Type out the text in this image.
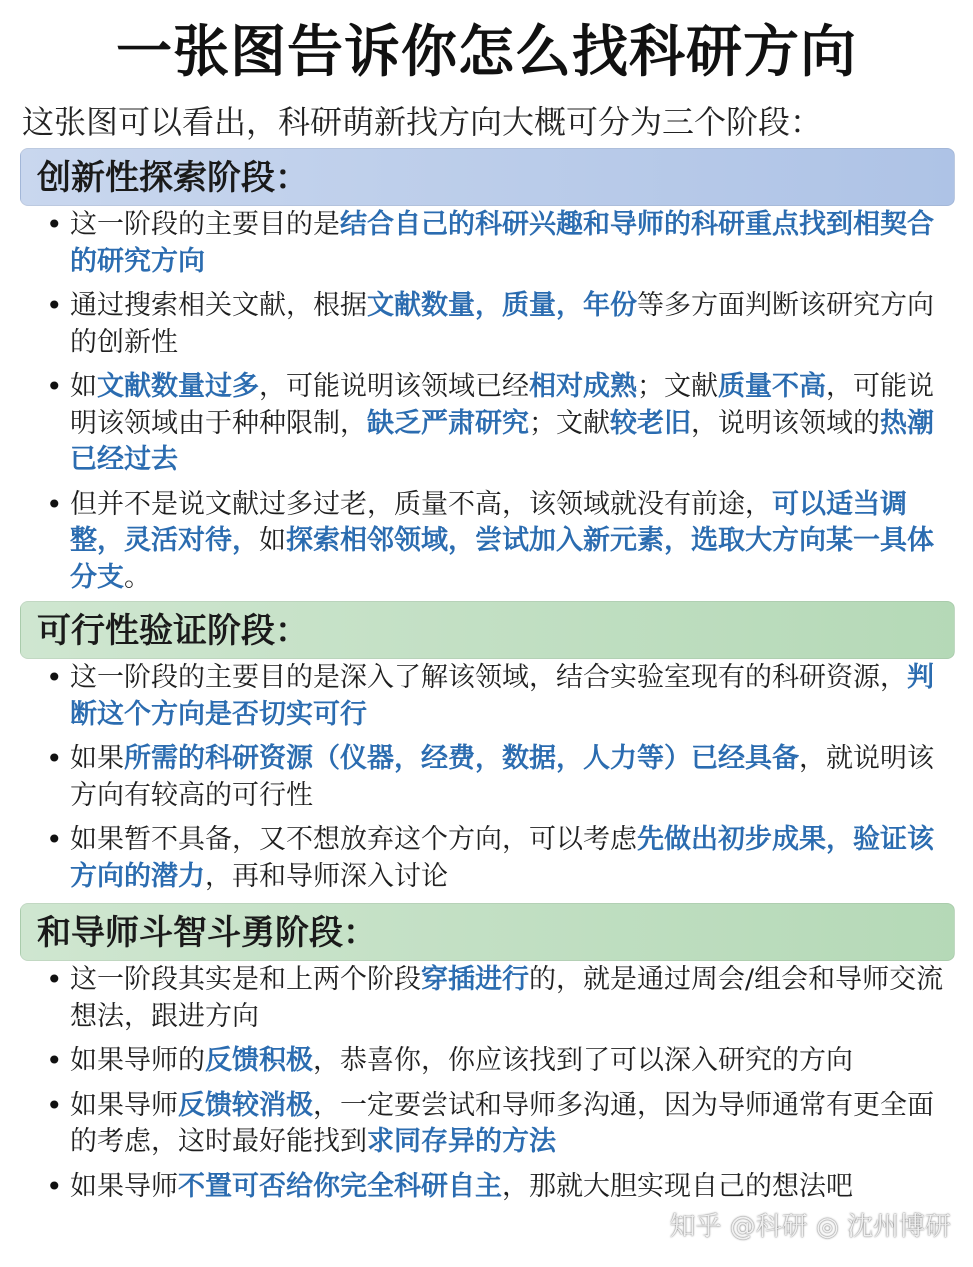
一张图告诉你怎么找科研方向

这张图可以看出，科研萌新找方向大概可分为三个阶段：

创新性探索阶段：
• 这一阶段的主要目的是结合自己的科研兴趣和导师的科研重点找到相契合的研究方向
• 通过搜索相关文献，根据文献数量，质量，年份等多方面判断该研究方向的创新性
• 如文献数量过多，可能说明该领域已经相对成熟；文献质量不高，可能说明该领域由于种种限制，缺乏严肃研究；文献较老旧，说明该领域的热潮已经过去
• 但并不是说文献过多过老，质量不高，该领域就没有前途，可以适当调整，灵活对待，如探索相邻领域，尝试加入新元素，选取大方向某一具体分支。
可行性验证阶段：
• 这一阶段的主要目的是深入了解该领域，结合实验室现有的科研资源，判断这个方向是否切实可行
• 如果所需的科研资源（仪器，经费，数据，人力等）已经具备，就说明该方向有较高的可行性
• 如果暂不具备，又不想放弃这个方向，可以考虑先做出初步成果，验证该方向的潜力，再和导师深入讨论
和导师斗智斗勇阶段：
• 这一阶段其实是和上两个阶段穿插进行的，就是通过周会/组会和导师交流想法，跟进方向
• 如果导师的反馈积极，恭喜你，你应该找到了可以深入研究的方向
• 如果导师反馈较消极，一定要尝试和导师多沟通，因为导师通常有更全面的考虑，这时最好能找到求同存异的方法
• 如果导师不置可否给你完全科研自主，那就大胆实现自己的想法吧
知乎 @科研 ◎ 沈州博研
